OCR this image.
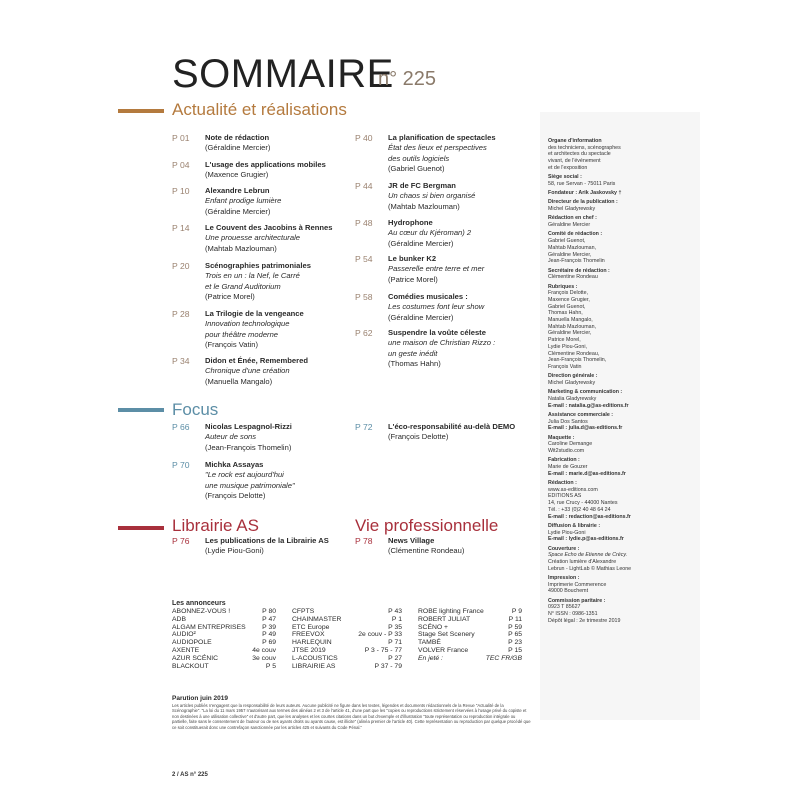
SOMMAIRE
n° 225
Actualité et réalisations
Focus
Librairie AS	Vie professionnelle
P 01 Note de rédaction
(Géraldine Mercier)
P 04 L'usage des applications mobiles
(Maxence Grugier)
P 10 Alexandre Lebrun
Enfant prodige lumière
(Géraldine Mercier)
P 14 Le Couvent des Jacobins à Rennes
Une prouesse architecturale
(Mahtab Mazlouman)
P 20 Scénographies patrimoniales
Trois en un : la Nef, le Carré
et le Grand Auditorium
(Patrice Morel)
P 28 La Trilogie de la vengeance
Innovation technologique
pour théâtre moderne
(François Vatin)
P 34 Didon et Énée, Remembered
Chronique d'une création
(Manuella Mangalo)
P 40 La planification de spectacles
État des lieux et perspectives
des outils logiciels
(Gabriel Guenot)
P 44 JR de FC Bergman
Un chaos si bien organisé
(Mahtab Mazlouman)
P 48 Hydrophone
Au cœur du Kjéroman) 2
(Géraldine Mercier)
P 54 Le bunker K2
Passerelle entre terre et mer
(Patrice Morel)
P 58 Comédies musicales :
Les costumes font leur show
(Géraldine Mercier)
P 62 Suspendre la voûte céleste
une maison de Christian Rizzo :
un geste inédit
(Thomas Hahn)
P 66 Nicolas Lespagnol-Rizzi
Auteur de sons
(Jean-François Thomelin)
P 70 Michka Assayas
"Le rock est aujourd'hui
une musique patrimoniale"
(François Delotte)
P 72 L'éco-responsabilité au-delà DEMO
(François Delotte)
P 76 Les publications de la Librairie AS
(Lydie Piou-Goni)
P 78 News Village
(Clémentine Rondeau)
Organe d'information
des techniciens, scénographes
et architectes du spectacle
vivant, de l'événement
et de l'exposition
Siège social :
58, rue Servan - 75011 Paris
Fondateur : Arik Jaskovsky †
Directeur de la publication :
Michel Gladyrewsky
Rédaction en chef :
Géraldine Mercier
Comité de rédaction :
Gabriel Guenot,
Mahtab Mazlouman,
Géraldine Mercier,
Jean-François Thomelin
Secrétaire de rédaction :
Clémentine Rondeau
Rubriques :
François Delotte,
Maxence Grugier,
Gabriel Guenot,
Thomas Hahn,
Manuella Mangalo,
Mahtab Mazlouman,
Géraldine Mercier,
Patrice Morel,
Lydie Piou-Goni,
Clémentine Rondeau,
Jean-François Thomelin,
François Vatin
Direction générale :
Michel Gladyrewsky
Marketing & communication :
Natalia Gladyrewsky
E-mail : natalia.g@as-editions.fr
Assistance commerciale :
Julia Dos Santos
E-mail : julia.d@as-editions.fr
Maquette :
Caroline Demange
Wit2studio.com
Fabrication :
Marie de Gouzer
E-mail : marie.d@as-editions.fr
Rédaction :
www.as-editions.com
EDITIONS AS
14, rue Crucy - 44000 Nantes
Tél. : +33 (0)2 40 48 64 24
E-mail : redaction@as-editions.fr
Diffusion & librairie :
Lydie Piou-Goni
E-mail : lydie.p@as-editions.fr
Couverture :
Space Echo de Etienne de Crécy.
Création lumière d'Alexandre
Lebrun - LightLab © Mathias Leone
Impression :
Imprimerie Commerence
49000 Bouchemt
Commission paritaire :
0923 T 85627
N° ISSN : 0986-1351
Dépôt légal : 2e trimestre 2019
Les annonceurs
ABONNEZ-VOUS !	P 80
ADB	P 47
ALGAM ENTREPRISES P 39
AUDIO²	P 49
AUDIOPOLE	P 69
AXENTE	4e couv
AZUR SCÉNIC	3e couv
BLACKOUT	P 5
CFPTS	P 43
CHAINMASTER	P 1
ETC Europe	P 35
FREEVOX	2e couv - P 33
HARLEQUIN	P 71
JTSE 2019	P 3 - 75 - 77
L-ACOUSTICS	P 27
LIBRAIRIE AS	P 37 - 79
ROBE lighting France	P 9
ROBERT JULIAT	P 11
SCÉNO +	P 59
Stage Set Scenery	P 65
TAMBÉ	P 23
VOLVER France	P 15
En jeté :	TEC FR/GB
Parution juin 2019
Les articles publiés n'engagent que la responsabilité de leurs auteurs. Aucune publicité ne figure dans les textes, légendes et documents rédactionnels de la Revue "Actualité de la Scénographie". "La loi du 11 mars 1957 n'autorisant aux termes des alinéas 2 et 3 de l'article 41, d'une part que les "copies ou reproductions strictement réservées à l'usage privé du copiste et non destinées à une utilisation collective" et d'autre part, que les analyses et les courtes citations dans un but d'exemple et d'illustration "toute représentation ou reproduction intégrale ou partielle, faite sans le consentement de l'auteur ou de ses ayants droits ou ayants cause, est illicite" (alinéa premier de l'article 40). Cette représentation ou reproduction par quelque procédé que ce soit constituerait donc une contrefaçon sanctionnée par les articles 425 et suivants du Code Pénal."
2 / AS n° 225
